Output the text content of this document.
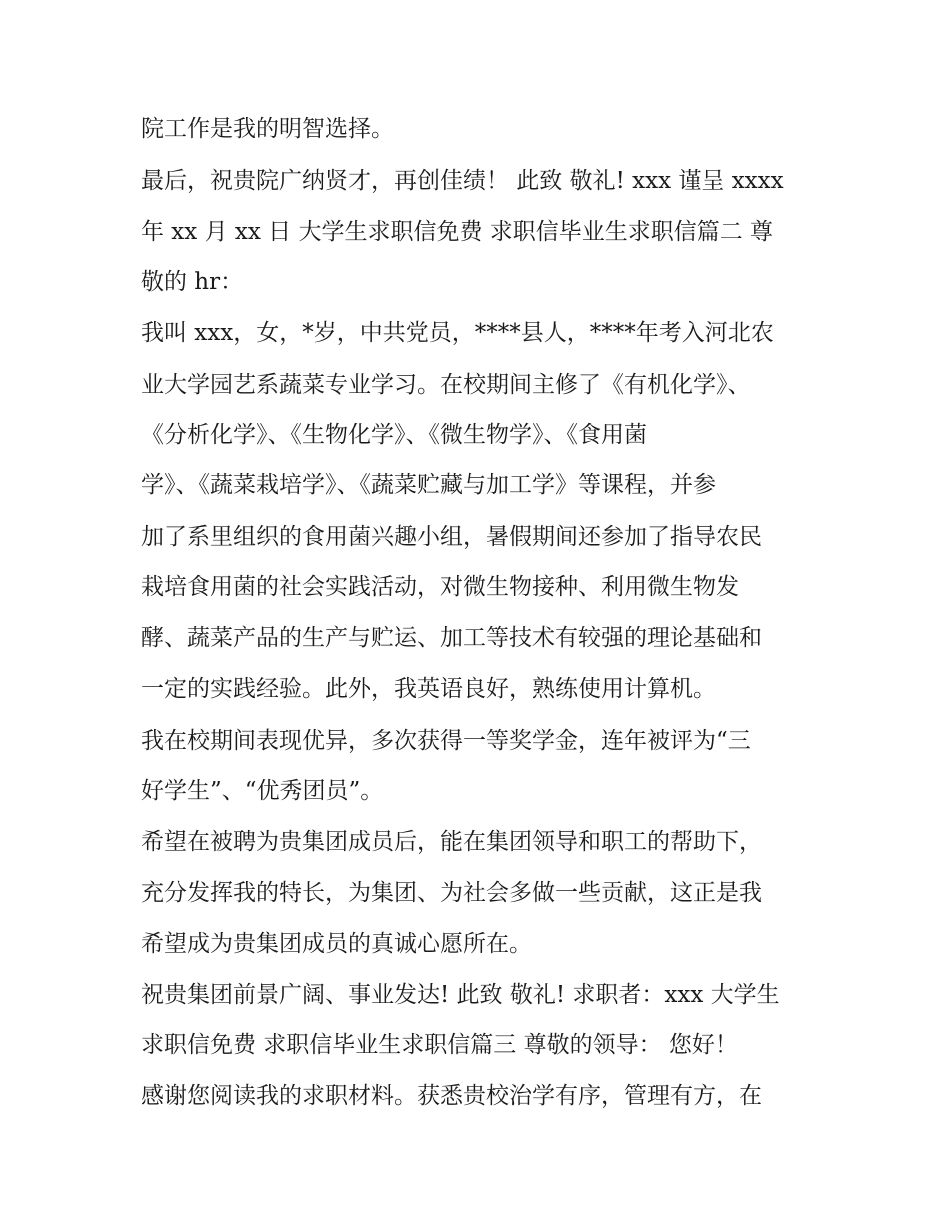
院工作是我的明智选择。
最后，祝贵院广纳贤才，再创佳绩！ 此致 敬礼! xxx 谨呈 xxxx
年 xx 月 xx 日 大学生求职信免费 求职信毕业生求职信篇二 尊
敬的 hr：
我叫 xxx，女，*岁，中共党员，****县人，****年考入河北农
业大学园艺系蔬菜专业学习。在校期间主修了《有机化学》、
《分析化学》、《生物化学》、《微生物学》、《食用菌
学》、《蔬菜栽培学》、《蔬菜贮藏与加工学》等课程，并参
加了系里组织的食用菌兴趣小组，暑假期间还参加了指导农民
栽培食用菌的社会实践活动，对微生物接种、利用微生物发
酵、蔬菜产品的生产与贮运、加工等技术有较强的理论基础和
一定的实践经验。此外，我英语良好，熟练使用计算机。
我在校期间表现优异，多次获得一等奖学金，连年被评为“三
好学生”、“优秀团员”。
希望在被聘为贵集团成员后，能在集团领导和职工的帮助下，
充分发挥我的特长，为集团、为社会多做一些贡献，这正是我
希望成为贵集团成员的真诚心愿所在。
祝贵集团前景广阔、事业发达! 此致 敬礼! 求职者：xxx 大学生
求职信免费 求职信毕业生求职信篇三 尊敬的领导： 您好！
感谢您阅读我的求职材料。获悉贵校治学有序，管理有方，在
